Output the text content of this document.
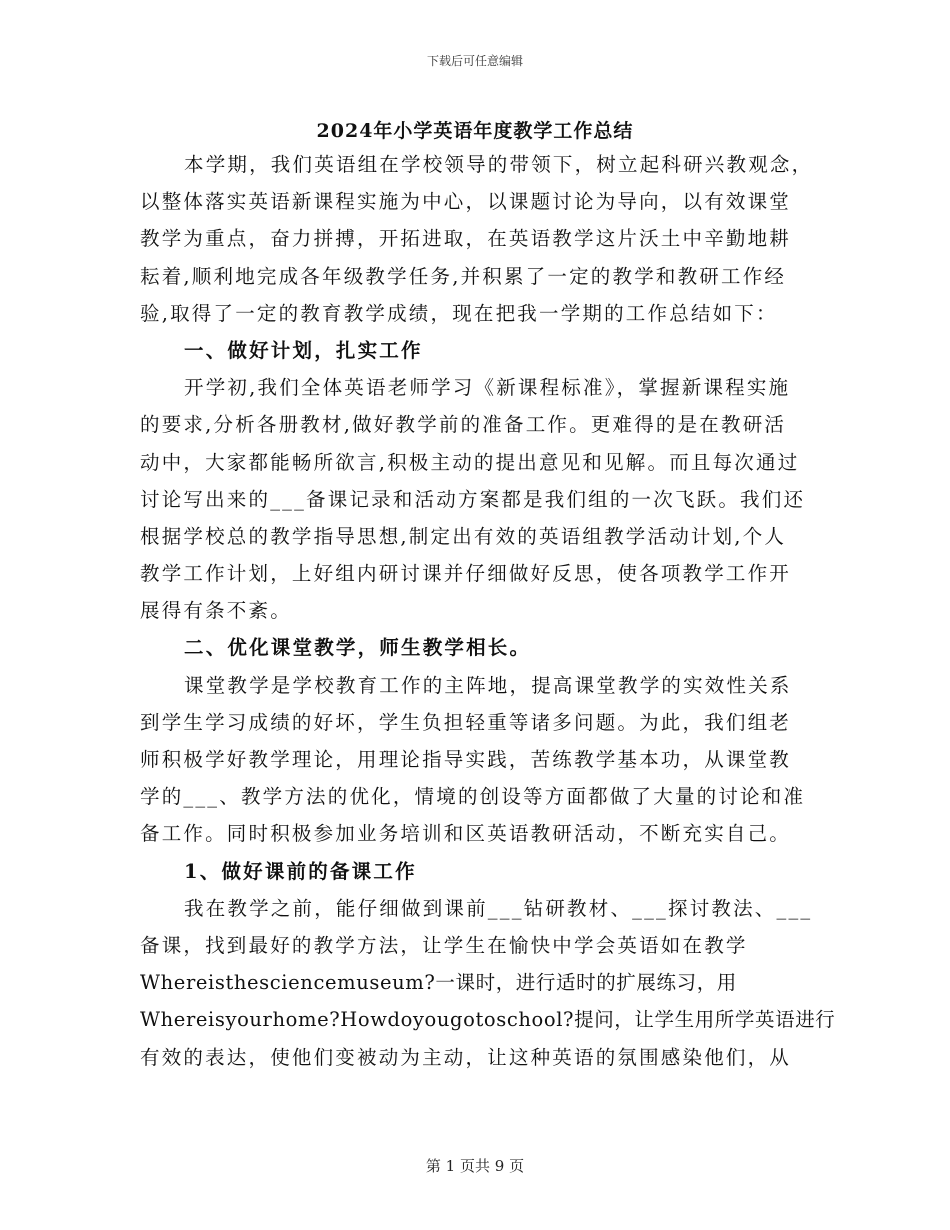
下载后可任意编辑
2024年小学英语年度教学工作总结
本学期，我们英语组在学校领导的带领下，树立起科研兴教观念，
以整体落实英语新课程实施为中心，以课题讨论为导向，以有效课堂
教学为重点，奋力拼搏，开拓进取，在英语教学这片沃土中辛勤地耕
耘着,顺利地完成各年级教学任务,并积累了一定的教学和教研工作经
验,取得了一定的教育教学成绩，现在把我一学期的工作总结如下：
一、做好计划，扎实工作
开学初,我们全体英语老师学习《新课程标准》，掌握新课程实施
的要求,分析各册教材,做好教学前的准备工作。更难得的是在教研活
动中，大家都能畅所欲言,积极主动的提出意见和见解。而且每次通过
讨论写出来的___备课记录和活动方案都是我们组的一次飞跃。我们还
根据学校总的教学指导思想,制定出有效的英语组教学活动计划,个人
教学工作计划，上好组内研讨课并仔细做好反思，使各项教学工作开
展得有条不紊。
二、优化课堂教学，师生教学相长。
课堂教学是学校教育工作的主阵地，提高课堂教学的实效性关系
到学生学习成绩的好坏，学生负担轻重等诸多问题。为此，我们组老
师积极学好教学理论，用理论指导实践，苦练教学基本功，从课堂教
学的___、教学方法的优化，情境的创设等方面都做了大量的讨论和准
备工作。同时积极参加业务培训和区英语教研活动，不断充实自己。
1、做好课前的备课工作
我在教学之前，能仔细做到课前___钻研教材、___探讨教法、___
备课，找到最好的教学方法，让学生在愉快中学会英语如在教学
Whereisthesciencemuseum?一课时，进行适时的扩展练习，用
Whereisyourhome?Howdoyougotoschool?提问，让学生用所学英语进行
有效的表达，使他们变被动为主动，让这种英语的氛围感染他们，从
第 1 页共 9 页
